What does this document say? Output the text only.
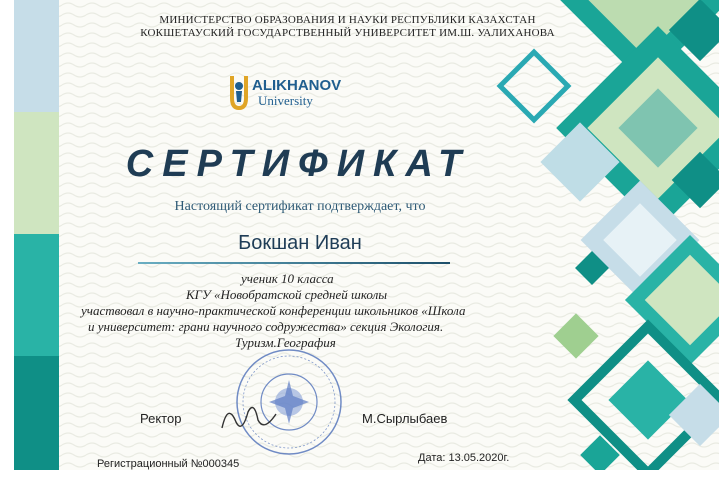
МИНИСТЕРСТВО ОБРАЗОВАНИЯ И НАУКИ РЕСПУБЛИКИ КАЗАХСТАН
КОКШЕТАУСКИЙ ГОСУДАРСТВЕННЫЙ УНИВЕРСИТЕТ ИМ.Ш. УАЛИХАНОВА
ALIKHANOV
University
СЕРТИФИКАТ
Настоящий сертификат подтверждает, что
Бокшан Иван
ученик 10 класса
КГУ «Новобратской средней школы
участвовал в научно-практической конференции школьников «Школа
и университет: грани научного содружества» секция Экология.
Туризм.География
Ректор	М.Сырлыбаев
Регистрационный №000345	Дата: 13.05.2020г.
